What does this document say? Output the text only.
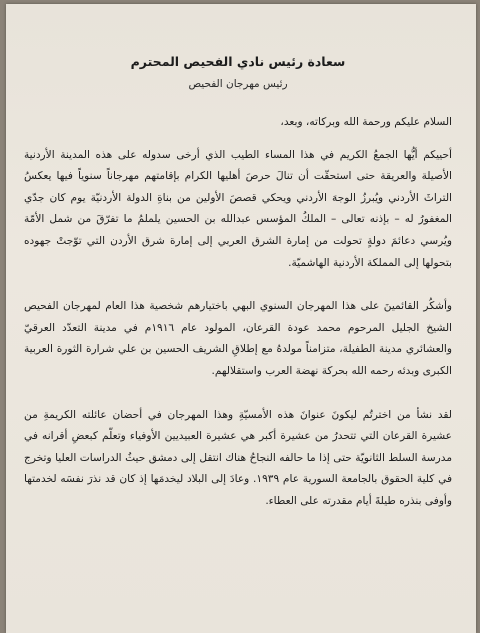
سعادة رئيس نادي الفحيص المحترم
رئيس مهرجان الفحيص

السلام عليكم ورحمة الله وبركاته، وبعد،

أحييكم أيُّها الجمعُ الكريم في هذا المساء الطيب الذي أرخى سدوله على هذه المدينة الأردنية الأصيلة والعريقة حتى استحقّت أن تنالَ حرصَ أهليها الكرام بإقامتهم مهرجاناً سنوياً فيها يعكسُ التراثَ الأردني ويُبرزُ الوجهَ الأردني ويحكي قصصَ الأولين من بناةِ الدولة الأردنيّة يوم كان جدّي المغفورُ له – بإذنه تعالى – الملكُ المؤسس عبدالله بن الحسين يلملمُ ما تفرّقَ من شمل الأمّة ويُرسي دعائمَ دولةٍ تحولت من إمارة الشرق العربي إلى إمارة شرق الأردن التي توّجتْ جهوده بتحولها إلى المملكة الأردنية الهاشميّة.

وأشكُر القائمينَ على هذا المهرجان السنوي البهي باختيارهم شخصية هذا العام لمهرجان الفحيص الشيخ الجليل المرحوم محمد عودة القرعان، المولود عام ١٩١٦م في مدينة التعدّد العرقيّ والعشائري مدينة الطفيلة، متزامناً مولدهُ مع إطلاقِ الشريف الحسين بن علي شرارة الثورة العربية الكبرى وبدئه رحمه الله بحركة نهضة العرب واستقلالهم.

لقد نشأ من اخترتُم ليكونَ عنوانَ هذه الأمسيّةِ وهذا المهرجان في أحضان عائلته الكريمةِ من عشيرة القرعان التي تتحدرُ من عشيرة أكبر هي عشيرة العبيديين الأوفياء وتعلّم كبعضِ أقرانه في مدرسة السلط الثانويّة حتى إذا ما حالفه النجاحُ هناك انتقل إلى دمشق حيثُ الدراسات العليا وتخرج في كلية الحقوق بالجامعة السورية عام ١٩٣٩. وعادَ إلى البلاد ليخدمَها إذ كان قد نذرَ نفسَه لخدمتها وأوفى بنذره طيلةَ أيام مقدرته على العطاء.
